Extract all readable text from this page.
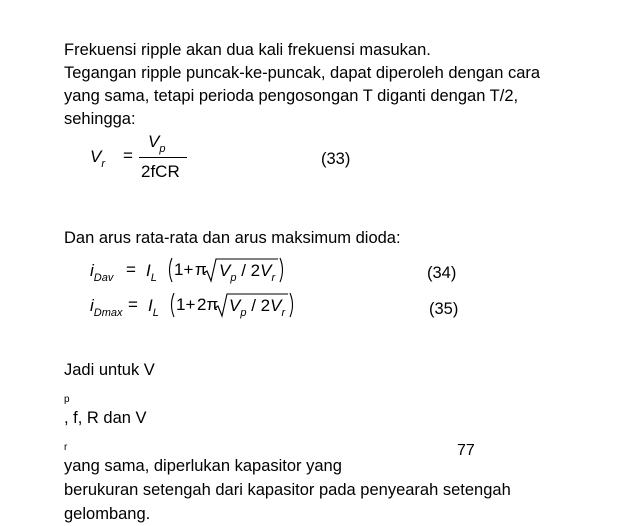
Frekuensi ripple akan dua kali frekuensi masukan.
Tegangan ripple puncak-ke-puncak, dapat diperoleh dengan cara
yang sama, tetapi perioda pengosongan T diganti dengan T/2,
sehingga:
$V_r$ =
$V_p$
2fCR
(33)
Dan arus rata-rata dan arus maksimum dioda:
$i_{Dav} = I_L$ 1+ π $V_p / 2V_r$	(34)
$i_{Dmax} = I_L$ 1+ 2π $V_p / 2V_r$	(35)
Jadi untuk V
$_p$
, f, R dan V
$_r$
yang sama, diperlukan kapasitor yang
berukuran setengah dari kapasitor pada penyearah setengah
gelombang.
77
